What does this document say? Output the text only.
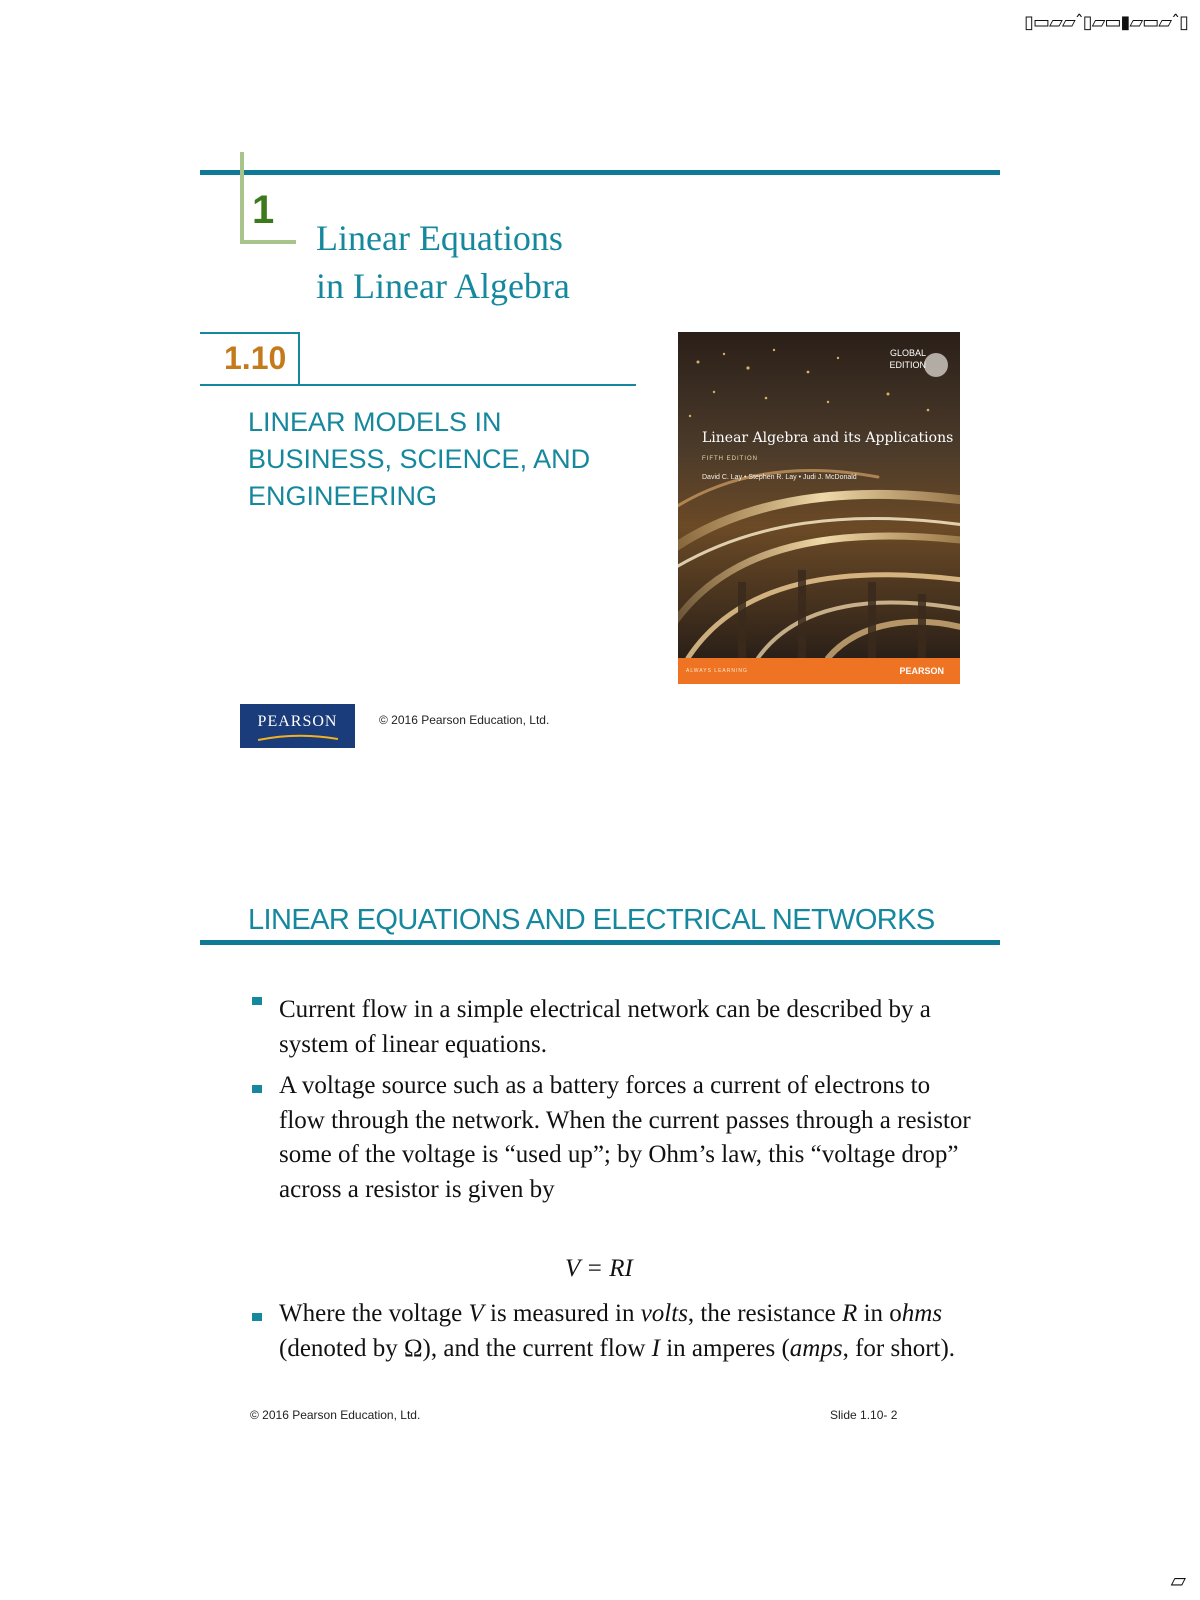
▯▭▱▱ˆ▯▱▭▮▱▭▱ˆ▯
▱
1
Linear Equations
in Linear Algebra
1.10
LINEAR MODELS IN
BUSINESS, SCIENCE, AND
ENGINEERING
GLOBAL
EDITION
Linear Algebra and its Applications
FIFTH EDITION
David C. Lay • Stephen R. Lay • Judi J. McDonald
ALWAYS LEARNING	PEARSON
PEARSON	© 2016 Pearson Education, Ltd.
LINEAR EQUATIONS AND ELECTRICAL NETWORKS
Current flow in a simple electrical network can be described by a system of linear equations.
A voltage source such as a battery forces a current of electrons to flow through the network. When the current passes through a resistor some of the voltage is “used up”; by Ohm’s law, this “voltage drop” across a resistor is given by
V = RI
Where the voltage V is measured in volts, the resistance R in ohms (denoted by Ω), and the current flow I in amperes (amps, for short).
© 2016 Pearson Education, Ltd.	Slide 1.10- 2
